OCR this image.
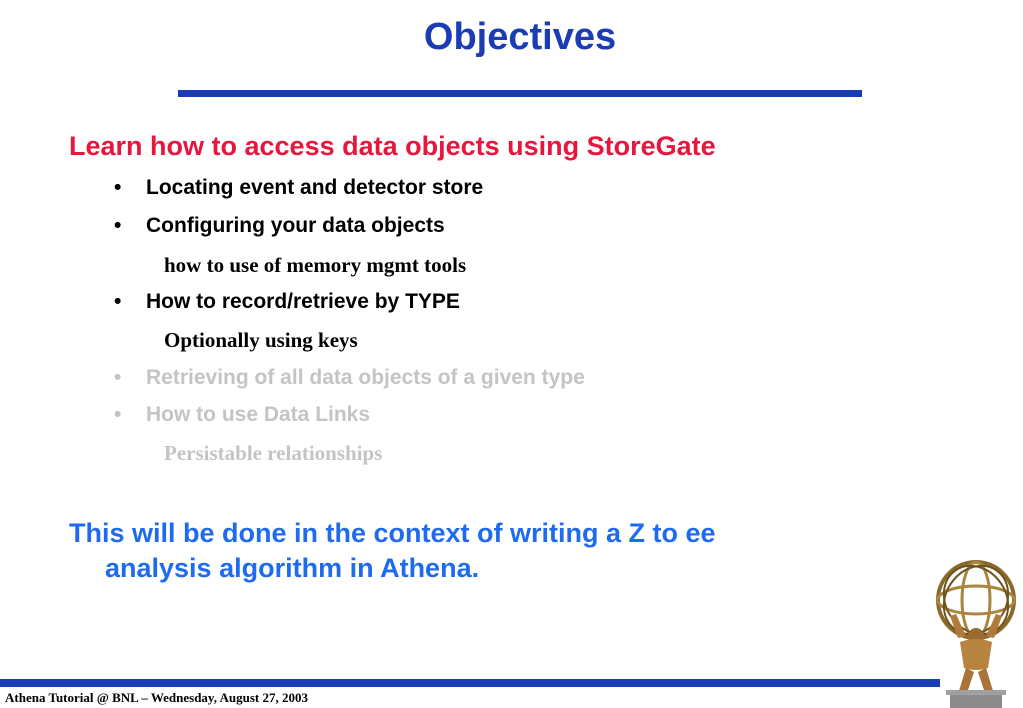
Objectives
Learn how to access data objects using StoreGate
• Locating event and detector store
• Configuring your data objects
how to use of memory mgmt tools
• How to record/retrieve by TYPE
Optionally using keys
• Retrieving of all data objects of a given type
• How to use Data Links
Persistable relationships
This will be done in the context of writing a Z to ee
analysis algorithm in Athena.
Athena Tutorial @ BNL – Wednesday, August 27, 2003
